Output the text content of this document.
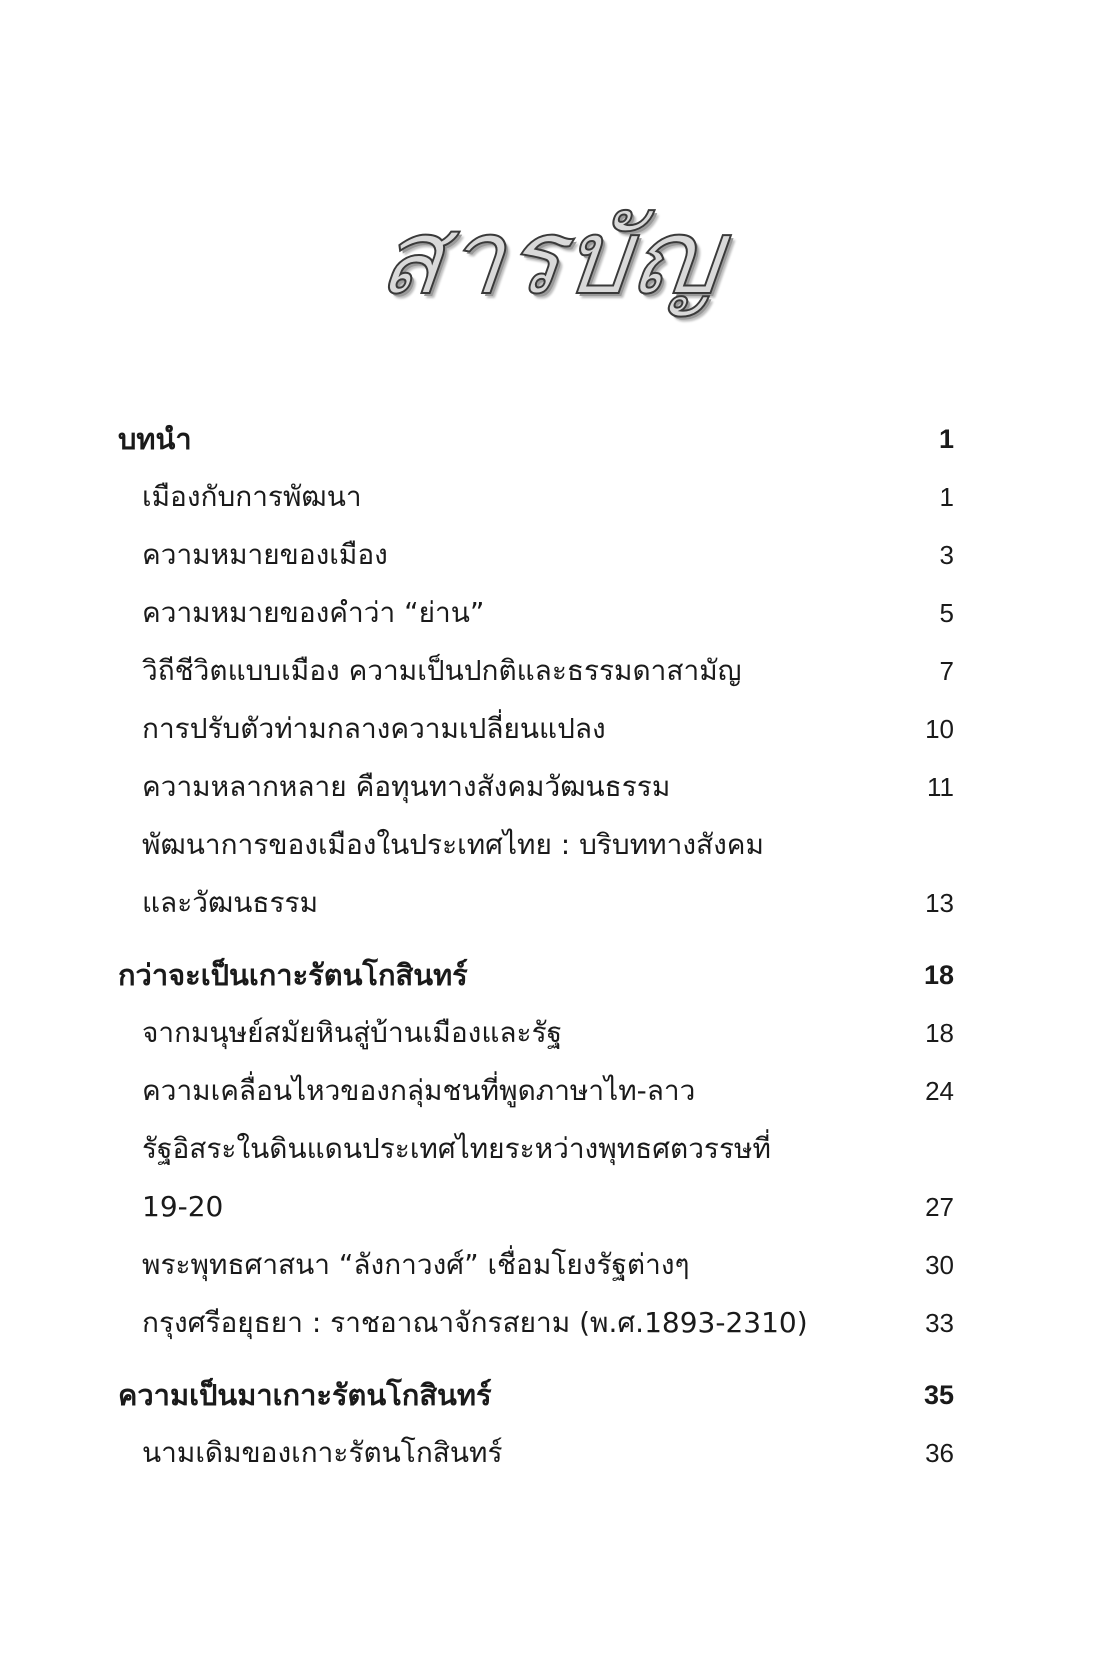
สารบัญ
บทนำ	1
เมืองกับการพัฒนา	1
ความหมายของเมือง	3
ความหมายของคำว่า “ย่าน”	5
วิถีชีวิตแบบเมือง ความเป็นปกติและธรรมดาสามัญ	7
การปรับตัวท่ามกลางความเปลี่ยนแปลง	10
ความหลากหลาย คือทุนทางสังคมวัฒนธรรม	11
พัฒนาการของเมืองในประเทศไทย : บริบททางสังคม
และวัฒนธรรม	13
กว่าจะเป็นเกาะรัตนโกสินทร์	18
จากมนุษย์สมัยหินสู่บ้านเมืองและรัฐ	18
ความเคลื่อนไหวของกลุ่มชนที่พูดภาษาไท-ลาว	24
รัฐอิสระในดินแดนประเทศไทยระหว่างพุทธศตวรรษที่
19-20	27
พระพุทธศาสนา “ลังกาวงศ์” เชื่อมโยงรัฐต่างๆ	30
กรุงศรีอยุธยา : ราชอาณาจักรสยาม (พ.ศ.1893-2310)	33
ความเป็นมาเกาะรัตนโกสินทร์	35
นามเดิมของเกาะรัตนโกสินทร์	36
